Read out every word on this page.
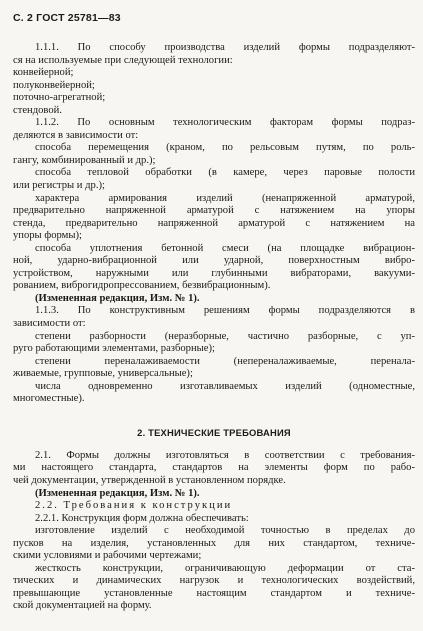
С. 2 ГОСТ 25781—83
1.1.1. По способу производства изделий формы подразделяют-
ся на используемые при следующей технологии:
конвейерной;
полуконвейерной;
поточно-агрегатной;
стендовой.
1.1.2. По основным технологическим факторам формы подраз-
деляются в зависимости от:
способа перемещения (краном, по рельсовым путям, по роль-
гангу, комбинированный и др.);
способа тепловой обработки (в камере, через паровые полости
или регистры и др.);
характера армирования изделий (ненапряженной арматурой,
предварительно напряженной арматурой с натяжением на упоры
стенда, предварительно напряженной арматурой с натяжением на
упоры формы);
способа уплотнения бетонной смеси (на площадке вибрацион-
ной, ударно-вибрационной или ударной, поверхностным вибро-
устройством, наружными или глубинными вибраторами, вакууми-
рованием, виброгидропрессованием, безвибрационным).
(Измененная редакция, Изм. № 1).
1.1.3. По конструктивным решениям формы подразделяются в
зависимости от:
степени разборности (неразборные, частично разборные, с уп-
руго работающими элементами, разборные);
степени переналаживаемости (непереналаживаемые, перенала-
живаемые, групповые, универсальные);
числа одновременно изготавливаемых изделий (одноместные,
многоместные).
2. ТЕХНИЧЕСКИЕ ТРЕБОВАНИЯ
2.1. Формы должны изготовляться в соответствии с требования-
ми настоящего стандарта, стандартов на элементы форм по рабо-
чей документации, утвержденной в установленном порядке.
(Измененная редакция, Изм. № 1).
2.2. Требования к конструкции
2.2.1. Конструкция форм должна обеспечивать:
изготовление изделий с необходимой точностью в пределах до
пусков на изделия, установленных для них стандартом, техниче-
скими условиями и рабочими чертежами;
жесткость конструкции, ограничивающую деформации от ста-
тических и динамических нагрузок и технологических воздействий,
превышающие установленные настоящим стандартом и техниче-
ской документацией на форму.
